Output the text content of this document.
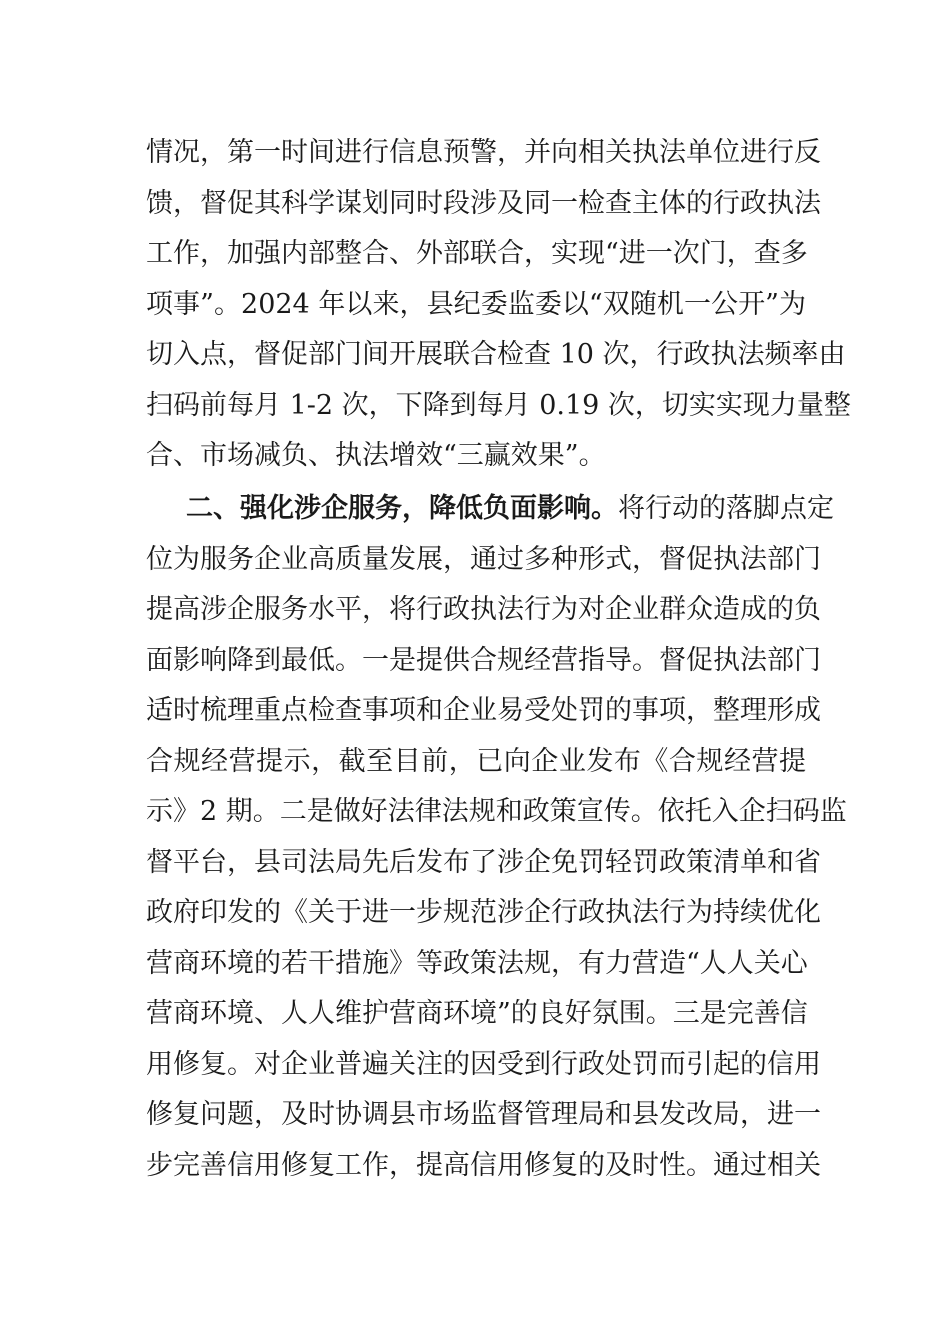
情况，第一时间进行信息预警，并向相关执法单位进行反
馈，督促其科学谋划同时段涉及同一检查主体的行政执法
工作，加强内部整合、外部联合，实现“进一次门，查多
项事”。2024 年以来，县纪委监委以“双随机一公开”为
切入点，督促部门间开展联合检查 10 次，行政执法频率由
扫码前每月 1-2 次，下降到每月 0.19 次，切实实现力量整
合、市场减负、执法增效“三赢效果”。
二、强化涉企服务，降低负面影响。将行动的落脚点定
位为服务企业高质量发展，通过多种形式，督促执法部门
提高涉企服务水平，将行政执法行为对企业群众造成的负
面影响降到最低。一是提供合规经营指导。督促执法部门
适时梳理重点检查事项和企业易受处罚的事项，整理形成
合规经营提示，截至目前，已向企业发布《合规经营提
示》2 期。二是做好法律法规和政策宣传。依托入企扫码监
督平台，县司法局先后发布了涉企免罚轻罚政策清单和省
政府印发的《关于进一步规范涉企行政执法行为持续优化
营商环境的若干措施》等政策法规，有力营造“人人关心
营商环境、人人维护营商环境”的良好氛围。三是完善信
用修复。对企业普遍关注的因受到行政处罚而引起的信用
修复问题，及时协调县市场监督管理局和县发改局，进一
步完善信用修复工作，提高信用修复的及时性。通过相关
